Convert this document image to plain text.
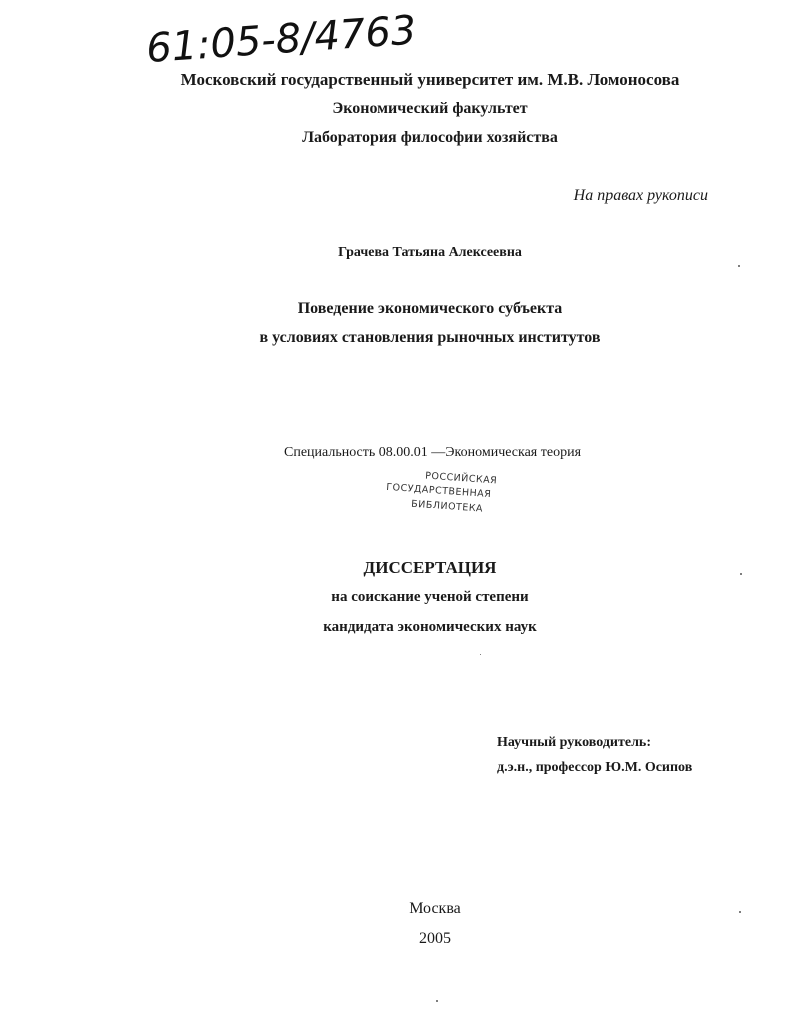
61:05-8/4763
Московский государственный университет им. М.В. Ломоносова
Экономический факультет
Лаборатория философии хозяйства
На правах рукописи
Грачева Татьяна Алексеевна
Поведение экономического субъекта
в условиях становления рыночных институтов
Специальность 08.00.01 —Экономическая теория
РОССИЙСКАЯ
ГОСУДАРСТВЕННАЯ
БИБЛИОТЕКА
ДИССЕРТАЦИЯ
на соискание ученой степени
кандидата экономических наук
Научный руководитель:
д.э.н., профессор Ю.М. Осипов
Москва
2005
